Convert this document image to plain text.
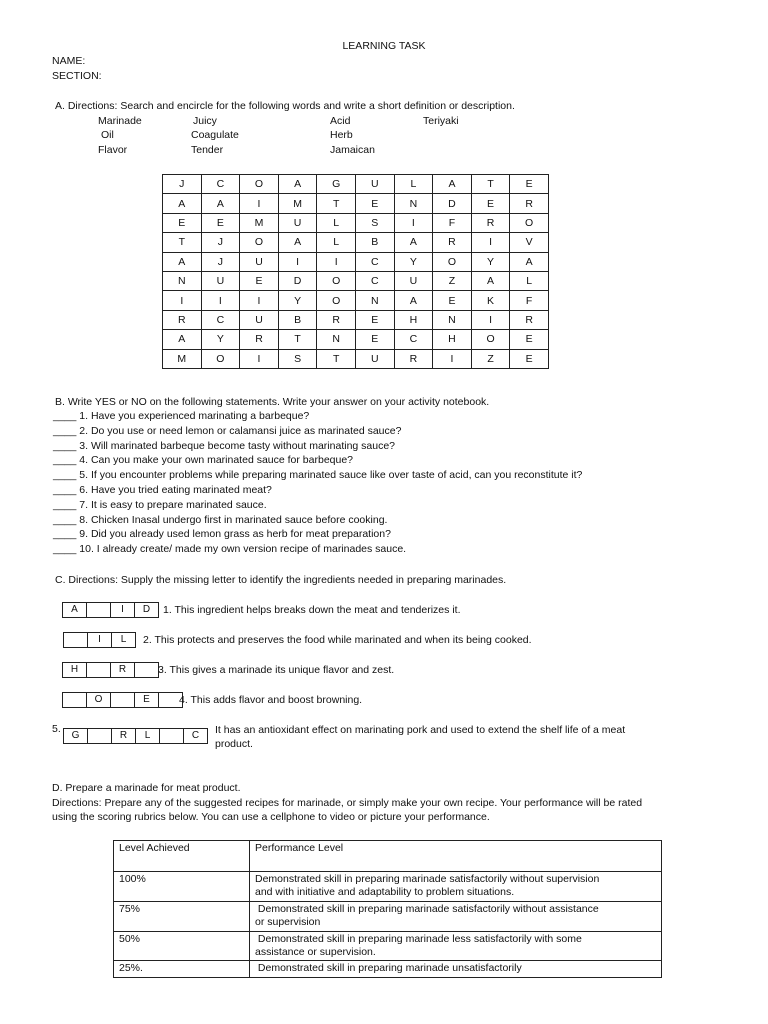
LEARNING TASK
NAME:
SECTION:
A. Directions: Search and encircle for the following words and write a short definition or description.
Marinade	Juicy	Acid	Teriyaki
Oil	Coagulate	Herb
Flavor	Tender	Jamaican
J	C	O	A	G	U	L	A	T	E
A	A	I	M	T	E	N	D	E	R
E	E	M	U	L	S	I	F	R	O
T	J	O	A	L	B	A	R	I	V
A	J	U	I	I	C	Y	O	Y	A
N	U	E	D	O	C	U	Z	A	L
I	I	I	Y	O	N	A	E	K	F
R	C	U	B	R	E	H	N	I	R
A	Y	R	T	N	E	C	H	O	E
M	O	I	S	T	U	R	I	Z	E
B. Write YES or NO on the following statements. Write your answer on your activity notebook.
____ 1. Have you experienced marinating a barbeque?
____ 2. Do you use or need lemon or calamansi juice as marinated sauce?
____ 3. Will marinated barbeque become tasty without marinating sauce?
____ 4. Can you make your own marinated sauce for barbeque?
____ 5. If you encounter problems while preparing marinated sauce like over taste of acid, can you reconstitute it?
____ 6. Have you tried eating marinated meat?
____ 7. It is easy to prepare marinated sauce.
____ 8. Chicken Inasal undergo first in marinated sauce before cooking.
____ 9. Did you already used lemon grass as herb for meat preparation?
____ 10. I already create/ made my own version recipe of marinades sauce.
C. Directions: Supply the missing letter to identify the ingredients needed in preparing marinades.
A	I	D	1. This ingredient helps breaks down the meat and tenderizes it.
I	L	2. This protects and preserves the food while marinated and when its being cooked.
H	R	3. This gives a marinade its unique flavor and zest.
O	E	4. This adds flavor and boost browning.
5.
G	R	L	C	It has an antioxidant effect on marinating pork and used to extend the shelf life of a meat
product.
D. Prepare a marinade for meat product.
Directions: Prepare any of the suggested recipes for marinade, or simply make your own recipe. Your performance will be rated
using the scoring rubrics below. You can use a cellphone to video or picture your performance.
Level Achieved	Performance Level
100%	Demonstrated skill in preparing marinade satisfactorily without supervision
and with initiative and adaptability to problem situations.

75%	Demonstrated skill in preparing marinade satisfactorily without assistance
or supervision

50%	Demonstrated skill in preparing marinade less satisfactorily with some
assistance or supervision.

25%.	Demonstrated skill in preparing marinade unsatisfactorily
